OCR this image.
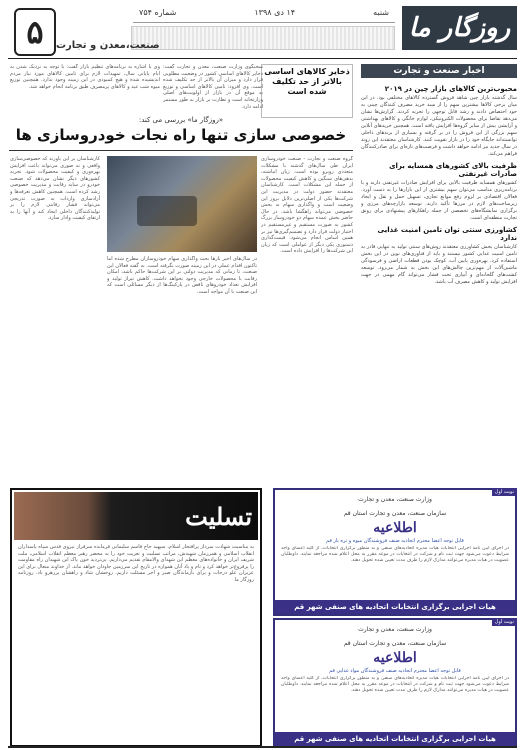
روزگار ما
شنبه
۱۴ دی ۱۳۹۸
شماره ۷۵۴
صنعت،معدن و تجارت
۵
اخبار صنعت و تجارت
محبوب‌ترین کالاهای بازار چین در ۲۰۱۹
سال گذشته بازار چین شاهد فروش گسترده کالاهای مختلفی بود. در این میان برخی کالاها بیشترین سهم را از سبد خرید مصرف کنندگان چینی به خود اختصاص دادند و رشد قابل توجهی را تجربه کردند. گزارش‌ها نشان می‌دهد تقاضا برای محصولات الکترونیکی، لوازم خانگی و کالاهای بهداشتی و آرایشی بیش از سایر گروه‌ها افزایش یافته است. همچنین خریدهای آنلاین سهم بزرگی از این فروش را در بر گرفته و بسیاری از برندهای داخلی توانسته‌اند جایگاه خود را در بازار تقویت کنند. کارشناسان معتقدند این روند در سال جدید نیز ادامه خواهد داشت و فرصت‌های تازه‌ای برای صادرکنندگان فراهم می‌کند.
ظرفیت بالای کشورهای همسایه برای صادرات غیرنفتی
کشورهای همسایه ظرفیت بالایی برای افزایش صادرات غیرنفتی دارند و با برنامه‌ریزی مناسب می‌توان سهم بیشتری از این بازارها را به دست آورد. فعالان اقتصادی بر لزوم رفع موانع تجاری، تسهیل حمل و نقل و ایجاد زیرساخت‌های لازم در مرزها تأکید دارند. توسعه بازارچه‌های مرزی و برگزاری نمایشگاه‌های تخصصی از جمله راهکارهای پیشنهادی برای رونق تجارت منطقه‌ای است.
کشاورزی سنتی توان تامین امنیت غذایی ندارد
کارشناسان بخش کشاورزی معتقدند روش‌های سنتی تولید به تنهایی قادر به تامین امنیت غذایی کشور نیستند و باید از فناوری‌های نوین در این بخش استفاده کرد. بهره‌وری پایین آب، کوچک بودن قطعات اراضی و فرسودگی ماشین‌آلات از مهم‌ترین چالش‌های این بخش به شمار می‌رود. توسعه کشت‌های گلخانه‌ای و آبیاری تحت فشار می‌تواند گام مهمی در جهت افزایش تولید و کاهش مصرف آب باشد.
ذخایر کالاهای اساسی بالاتر از حد تکلیف شده است
سخنگوی وزارت صنعت، معدن و تجارت گفت: ذخایر کالاهای اساسی کشور در وضعیت مطلوبی قرار دارد و میزان آن بالاتر از حد تکلیف شده است. وی افزود: تامین کالاهای اساسی و توزیع به موقع آن در بازار از اولویت‌های اصلی وزارتخانه است و نظارت بر بازار به طور مستمر ادامه دارد.
وی با اشاره به برنامه‌های تنظیم بازار گفت: با توجه به نزدیک شدن به ایام پایانی سال، تمهیدات لازم برای تامین کالاهای مورد نیاز مردم اندیشیده شده و هیچ کمبودی در این زمینه وجود ندارد. همچنین توزیع میوه شب عید و کالاهای پرمصرف طبق برنامه انجام خواهد شد.
«روزگار ما» بررسی می کند:
خصوصی سازی تنها راه نجات خودروسازی ها
گروه صنعت و تجارت - صنعت خودروسازی ایران طی سال‌های گذشته با مشکلات متعددی روبرو بوده است. زیان انباشته، بدهی‌های سنگین و کاهش کیفیت محصولات از جمله این مشکلات است. کارشناسان معتقدند حضور دولت در مدیریت این شرکت‌ها یکی از اصلی‌ترین دلایل بروز این وضعیت است و واگذاری سهام به بخش خصوصی می‌تواند راهگشا باشد. در حال حاضر بخش عمده سهام دو خودروساز بزرگ کشور به صورت مستقیم و غیرمستقیم در اختیار دولت قرار دارد و تصمیم‌گیری‌ها نیز بر همین اساس انجام می‌شود. قیمت‌گذاری دستوری یکی دیگر از عواملی است که زیان این شرکت‌ها را افزایش داده است.
در سال‌های اخیر بارها بحث واگذاری سهام خودروسازان مطرح شده اما تاکنون اقدام عملی در این زمینه صورت نگرفته است. به گفته فعالان این صنعت، تا زمانی که مدیریت دولتی بر این شرکت‌ها حاکم باشد، امکان رقابت با محصولات خارجی وجود نخواهد داشت. کاهش تیراژ تولید و افزایش تعداد خودروهای ناقص در پارکینگ‌ها از دیگر مسائلی است که این صنعت با آن مواجه است.
کارشناسان بر این باورند که خصوصی‌سازی واقعی و نه صوری می‌تواند باعث افزایش بهره‌وری و کیفیت محصولات شود. تجربه کشورهای دیگر نشان می‌دهد که صنعت خودرو در سایه رقابت و مدیریت خصوصی رشد کرده است. همچنین کاهش تعرفه‌ها و آزادسازی واردات به صورت تدریجی می‌تواند فشار رقابتی لازم را بر تولیدکنندگان داخلی ایجاد کند و آنها را به ارتقای کیفیت وادار سازد.
تسلیت
به مناسبت شهادت سردار پرافتخار اسلام، سپهبد حاج قاسم سلیمانی فرمانده سرفراز نیروی قدس سپاه پاسداران انقلاب اسلامی و همرزمان شهیدش، مراتب تسلیت و تعزیت خود را به محضر رهبر معظم انقلاب اسلامی، ملت شریف ایران و خانواده‌های معظم این شهدای والامقام تقدیم می‌داریم. بی‌تردید خون پاک این شهیدان راه مقاومت را پرفروغ‌تر خواهد کرد و نام و یاد آنان همواره در تاریخ این سرزمین جاودان خواهد ماند. از خداوند متعال برای این عزیزان علو درجات و برای بازماندگان صبر و اجر مسئلت داریم. روحشان شاد و راهشان پررهرو باد. روزنامه روزگار ما
نوبت اول
وزارت صنعت، معدن و تجارت
سازمان صنعت، معدن و تجارت استان قم
اطلاعیه
قابل توجه اعضا محترم اتحادیه صنف فروشندگان میوه و تره بار قم
در اجرای آیین نامه اجرایی انتخابات هیات مدیره اتحادیه‌های صنفی و به منظور برگزاری انتخابات، از کلیه اعضای واجد شرایط دعوت می‌شود جهت ثبت نام و شرکت در انتخابات در موعد مقرر به محل اعلام شده مراجعه نمایند. داوطلبان عضویت در هیات مدیره می‌توانند مدارک لازم را ظرف مدت تعیین شده تحویل دهند.
هیات اجرایی برگزاری انتخابات اتحادیه های صنفی شهر قم
نوبت اول
وزارت صنعت، معدن و تجارت
سازمان صنعت، معدن و تجارت استان قم
اطلاعیه
قابل توجه اعضا محترم اتحادیه صنف فروشندگان مواد غذایی قم
در اجرای آیین نامه اجرایی انتخابات هیات مدیره اتحادیه‌های صنفی و به منظور برگزاری انتخابات، از کلیه اعضای واجد شرایط دعوت می‌شود جهت ثبت نام و شرکت در انتخابات در موعد مقرر به محل اعلام شده مراجعه نمایند. داوطلبان عضویت در هیات مدیره می‌توانند مدارک لازم را ظرف مدت تعیین شده تحویل دهند.
هیات اجرایی برگزاری انتخابات اتحادیه های صنفی شهر قم
